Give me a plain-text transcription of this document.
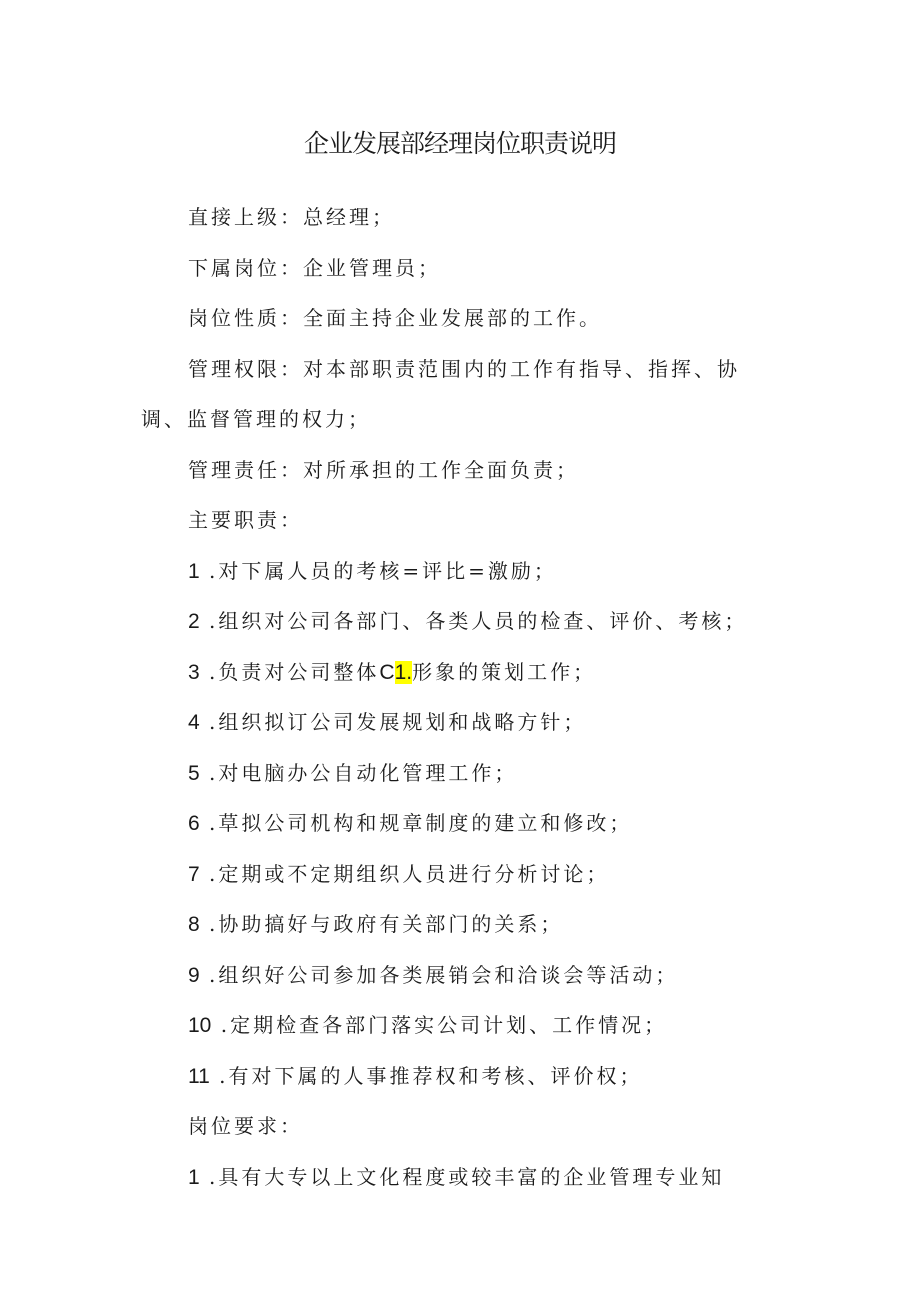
企业发展部经理岗位职责说明
直接上级：总经理；
下属岗位：企业管理员；
岗位性质：全面主持企业发展部的工作。
管理权限：对本部职责范围内的工作有指导、指挥、协
调、监督管理的权力；
管理责任：对所承担的工作全面负责；
主要职责：
1 .对下属人员的考核=评比=激励；
2 .组织对公司各部门、各类人员的检查、评价、考核；
3 .负责对公司整体C1.形象的策划工作；
4 .组织拟订公司发展规划和战略方针；
5 .对电脑办公自动化管理工作；
6 .草拟公司机构和规章制度的建立和修改；
7 .定期或不定期组织人员进行分析讨论；
8 .协助搞好与政府有关部门的关系；
9 .组织好公司参加各类展销会和洽谈会等活动；
10 .定期检查各部门落实公司计划、工作情况；
11 .有对下属的人事推荐权和考核、评价权；
岗位要求：
1 .具有大专以上文化程度或较丰富的企业管理专业知
